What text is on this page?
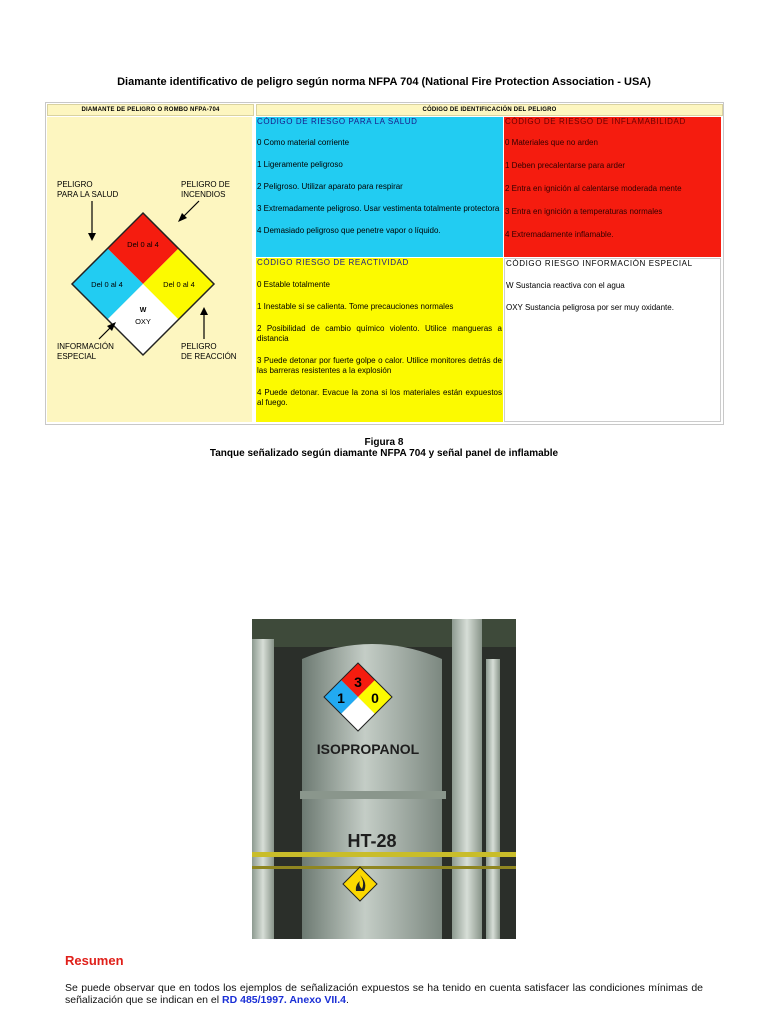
Diamante identificativo de peligro según norma NFPA 704 (National Fire Protection Association - USA)
DIAMANTE DE PELIGRO O ROMBO NFPA-704	CÓDIGO DE IDENTIFICACIÓN DEL PELIGRO
Del 0 al 4
Del 0 al 4	Del 0 al 4
W
OXY
PELIGRO
PARA LA SALUD
PELIGRO DE
INCENDIOS
INFORMACIÓN
ESPECIAL
PELIGRO
DE REACCIÓN
CÓDIGO DE RIESGO PARA LA SALUD

0 Como material corriente

1 Ligeramente peligroso

2 Peligroso. Utilizar aparato para respirar

3 Extremadamente peligroso. Usar vestimenta totalmente protectora

4 Demasiado peligroso que penetre vapor o líquido.

CÓDIGO DE RIESGO DE INFLAMABILIDAD

0 Materiales que no arden

1 Deben precalentarse para arder

2 Entra en ignición al calentarse moderada mente

3 Entra en ignición a temperaturas normales

4 Extremadamente inflamable.

CÓDIGO RIESGO DE REACTIVIDAD

0 Estable totalmente

1 Inestable si se calienta. Tome precauciones normales

2 Posibilidad de cambio químico violento. Utilice mangueras a distancia

3 Puede detonar por fuerte golpe o calor. Utilice monitores detrás de las barreras resistentes a la explosión

4 Puede detonar. Evacue la zona si los materiales están expuestos al fuego.

CÓDIGO RIESGO INFORMACIÓN ESPECIAL

W Sustancia reactiva con el agua

OXY Sustancia peligrosa por ser muy oxidante.

Figura 8
Tanque señalizado según diamante NFPA 704 y señal panel de inflamable
3
1 0
ISOPROPANOL
HT-28
Resumen
Se puede observar que en todos los ejemplos de señalización expuestos se ha tenido en cuenta satisfacer las condiciones mínimas de señalización que se indican en el RD 485/1997. Anexo VII.4.
